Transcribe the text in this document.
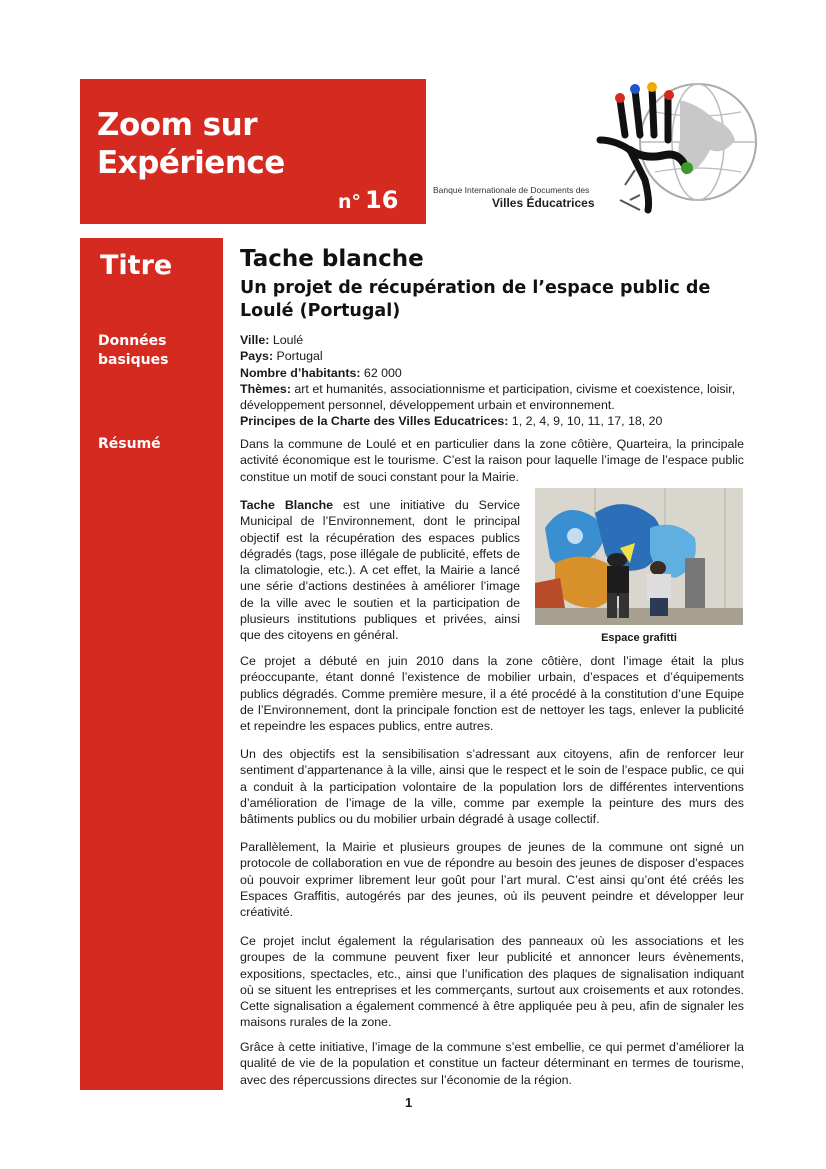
Zoom sur
Expérience
n° 16	Banque Internationale de Documents des
Villes Éducatrices
Titre
Données
basiques
Résumé
Tache blanche
Un projet de récupération de l’espace public de Loulé (Portugal)
Ville: Loulé
Pays: Portugal
Nombre d’habitants: 62 000
Thèmes: art et humanités, associationnisme et participation, civisme et coexistence, loisir, développement personnel, développement urbain et environnement.
Principes de la Charte des Villes Educatrices: 1, 2, 4, 9, 10, 11, 17, 18, 20
Dans la commune de Loulé et en particulier dans la zone côtière, Quarteira, la principale activité économique est le tourisme. C’est la raison pour laquelle l’image de l’espace public constitue un motif de souci constant pour la Mairie.
Tache Blanche est une initiative du Service Municipal de l’Environnement, dont le principal objectif est la récupération des espaces publics dégradés (tags, pose illégale de publicité, effets de la climatologie, etc.). A cet effet, la Mairie a lancé une série d’actions destinées à améliorer l’image de la ville avec le soutien et la participation de plusieurs institutions publiques et privées, ainsi que des citoyens en général.	Espace grafitti
Ce projet a débuté en juin 2010 dans la zone côtière, dont l’image était la plus préoccupante, étant donné l’existence de mobilier urbain, d’espaces et d’équipements publics dégradés. Comme première mesure, il a été procédé à la constitution d’une Equipe de l’Environnement, dont la principale fonction est de nettoyer les tags, enlever la publicité et repeindre les espaces publics, entre autres.
Un des objectifs est la sensibilisation s’adressant aux citoyens, afin de renforcer leur sentiment d’appartenance à la ville, ainsi que le respect et le soin de l’espace public, ce qui a conduit à la participation volontaire de la population lors de différentes interventions d’amélioration de l’image de la ville, comme par exemple la peinture des murs des bâtiments publics ou du mobilier urbain dégradé à usage collectif.
Parallèlement, la Mairie et plusieurs groupes de jeunes de la commune ont signé un protocole de collaboration en vue de répondre au besoin des jeunes de disposer d’espaces où pouvoir exprimer librement leur goût pour l’art mural. C’est ainsi qu’ont été créés les Espaces Graffitis, autogérés par des jeunes, où ils peuvent peindre et développer leur créativité.
Ce projet inclut également la régularisation des panneaux où les associations et les groupes de la commune peuvent fixer leur publicité et annoncer leurs évènements, expositions, spectacles, etc., ainsi que l’unification des plaques de signalisation indiquant où se situent les entreprises et les commerçants, surtout aux croisements et aux rotondes. Cette signalisation a également commencé à être appliquée peu à peu, afin de signaler les maisons rurales de la zone.
Grâce à cette initiative, l’image de la commune s’est embellie, ce qui permet d’améliorer la qualité de vie de la population et constitue un facteur déterminant en termes de tourisme, avec des répercussions directes sur l’économie de la région.
1
